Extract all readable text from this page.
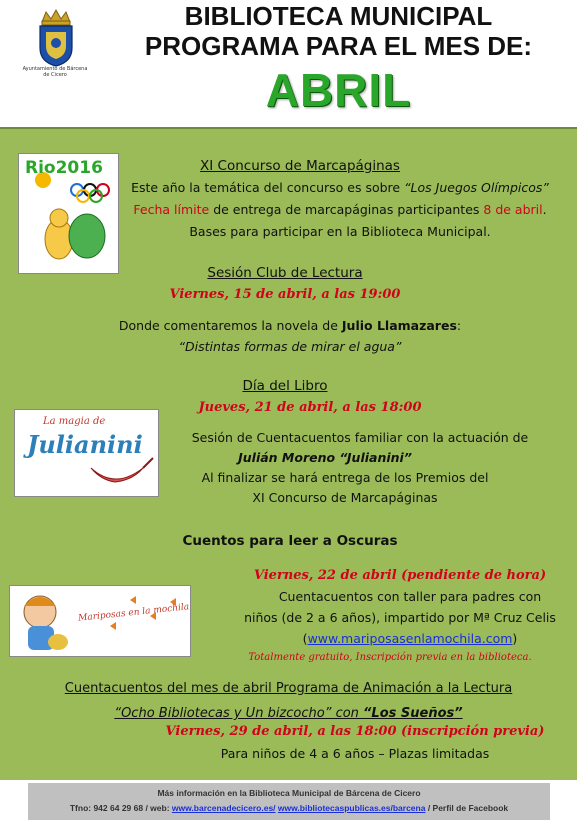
Ayuntamiento de Bárcena de Cicero
BIBLIOTECA MUNICIPAL
PROGRAMA PARA EL MES DE:
ABRIL
Rio2016	XI Concurso de Marcapáginas
Este año la temática del concurso es sobre “Los Juegos Olímpicos”
Fecha límite de entrega de marcapáginas participantes 8 de abril.
Bases para participar en la Biblioteca Municipal.
Sesión Club de Lectura
Viernes, 15 de abril, a las 19:00
Donde comentaremos la novela de Julio Llamazares:
“Distintas formas de mirar el agua”
Día del Libro
Jueves, 21 de abril, a las 18:00
La magia de
Julianini	Sesión de Cuentacuentos familiar con la actuación de
Julián Moreno “Julianini”
Al finalizar se hará entrega de los Premios del
XI Concurso de Marcapáginas
Cuentos para leer a Oscuras
Mariposas en la mochila
Viernes, 22 de abril (pendiente de hora)
Cuentacuentos con taller para padres con
niños (de 2 a 6 años), impartido por Mª Cruz Celis
(www.mariposasenlamochila.com)
Totalmente gratuito, Inscripción previa en la biblioteca.
Cuentacuentos del mes de abril Programa de Animación a la Lectura
“Ocho Bibliotecas y Un bizcocho” con “Los Sueños”
Viernes, 29 de abril, a las 18:00 (inscripción previa)
Para niños de 4 a 6 años – Plazas limitadas
Más información en la Biblioteca Municipal de Bárcena de Cicero
Tfno: 942 64 29 68 / web: www.barcenadecicero.es/ www.bibliotecaspublicas.es/barcena / Perfil de Facebook
